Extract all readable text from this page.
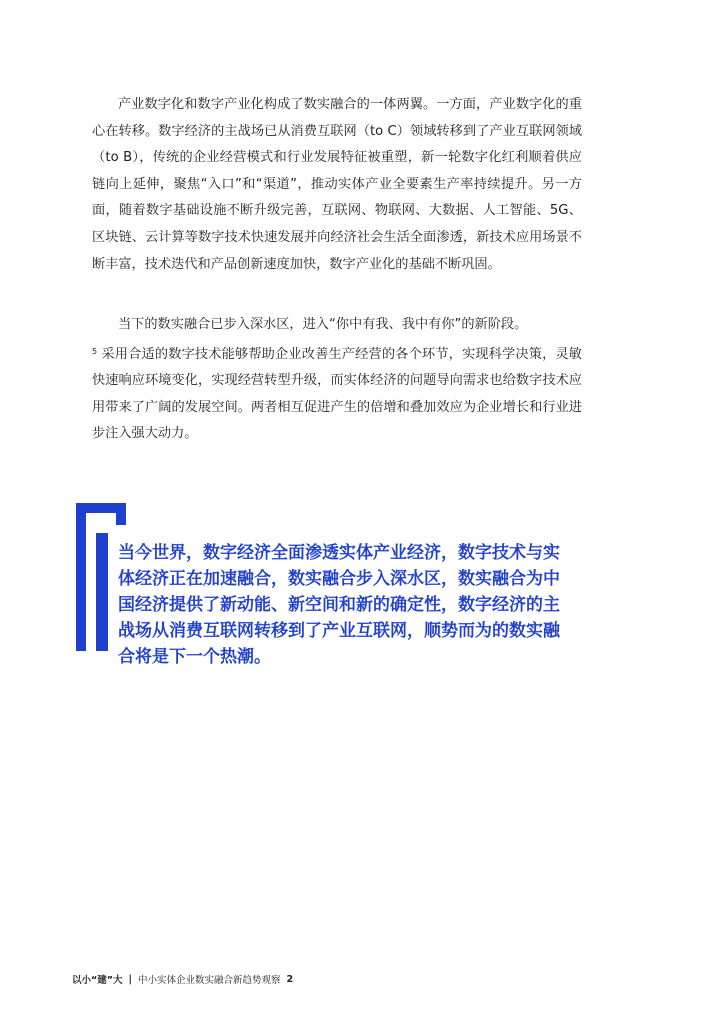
产业数字化和数字产业化构成了数实融合的一体两翼。一方面，产业数字化的重心在转移。数字经济的主战场已从消费互联网（to C）领域转移到了产业互联网领域（to B），传统的企业经营模式和行业发展特征被重塑，新一轮数字化红利顺着供应链向上延伸，聚焦“入口”和“渠道”，推动实体产业全要素生产率持续提升。另一方面，随着数字基础设施不断升级完善，互联网、物联网、大数据、人工智能、5G、区块链、云计算等数字技术快速发展并向经济社会生活全面渗透，新技术应用场景不断丰富，技术迭代和产品创新速度加快，数字产业化的基础不断巩固。

当下的数实融合已步入深水区，进入“你中有我、我中有你”的新阶段。
$^5$ 采用合适的数字技术能够帮助企业改善生产经营的各个环节，实现科学决策，灵敏快速响应环境变化，实现经营转型升级，而实体经济的问题导向需求也给数字技术应用带来了广阔的发展空间。两者相互促进产生的倍增和叠加效应为企业增长和行业进步注入强大动力。

当今世界，数字经济全面渗透实体产业经济，数字技术与实体经济正在加速融合，数实融合步入深水区，数实融合为中国经济提供了新动能、新空间和新的确定性，数字经济的主战场从消费互联网转移到了产业互联网，顺势而为的数实融合将是下一个热潮。

以小“建”大 | 中小实体企业数实融合新趋势观察 2
